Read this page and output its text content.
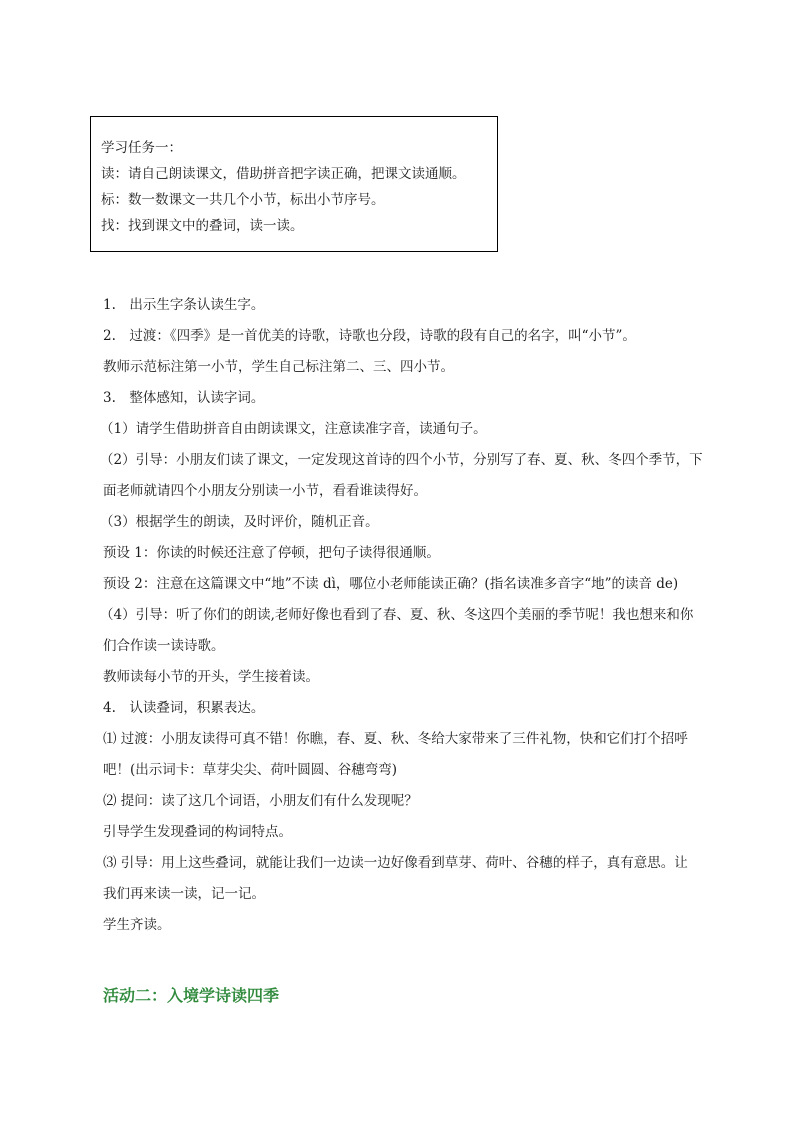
学习任务一：
读：请自己朗读课文，借助拼音把字读正确，把课文读通顺。
标：数一数课文一共几个小节，标出小节序号。
找：找到课文中的叠词，读一读。
1.　出示生字条认读生字。
2.　过渡：《四季》是一首优美的诗歌，诗歌也分段，诗歌的段有自己的名字，叫“小节”。
教师示范标注第一小节，学生自己标注第二、三、四小节。
3.　整体感知，认读字词。
（1）请学生借助拼音自由朗读课文，注意读准字音，读通句子。
（2）引导：小朋友们读了课文，一定发现这首诗的四个小节，分别写了春、夏、秋、冬四个季节，下
面老师就请四个小朋友分别读一小节，看看谁读得好。
（3）根据学生的朗读，及时评价，随机正音。
预设 1：你读的时候还注意了停顿，把句子读得很通顺。
预设 2：注意在这篇课文中“地”不读 dì，哪位小老师能读正确？(指名读准多音字“地”的读音 de)
（4）引导：听了你们的朗读,老师好像也看到了春、夏、秋、冬这四个美丽的季节呢！我也想来和你
们合作读一读诗歌。
教师读每小节的开头，学生接着读。
4.　认读叠词，积累表达。
⑴ 过渡：小朋友读得可真不错！你瞧，春、夏、秋、冬给大家带来了三件礼物，快和它们打个招呼
吧！(出示词卡：草芽尖尖、荷叶圆圆、谷穗弯弯)
⑵ 提问：读了这几个词语，小朋友们有什么发现呢？
引导学生发现叠词的构词特点。
⑶ 引导：用上这些叠词，就能让我们一边读一边好像看到草芽、荷叶、谷穗的样子，真有意思。让
我们再来读一读，记一记。
学生齐读。
活动二：入境学诗读四季
